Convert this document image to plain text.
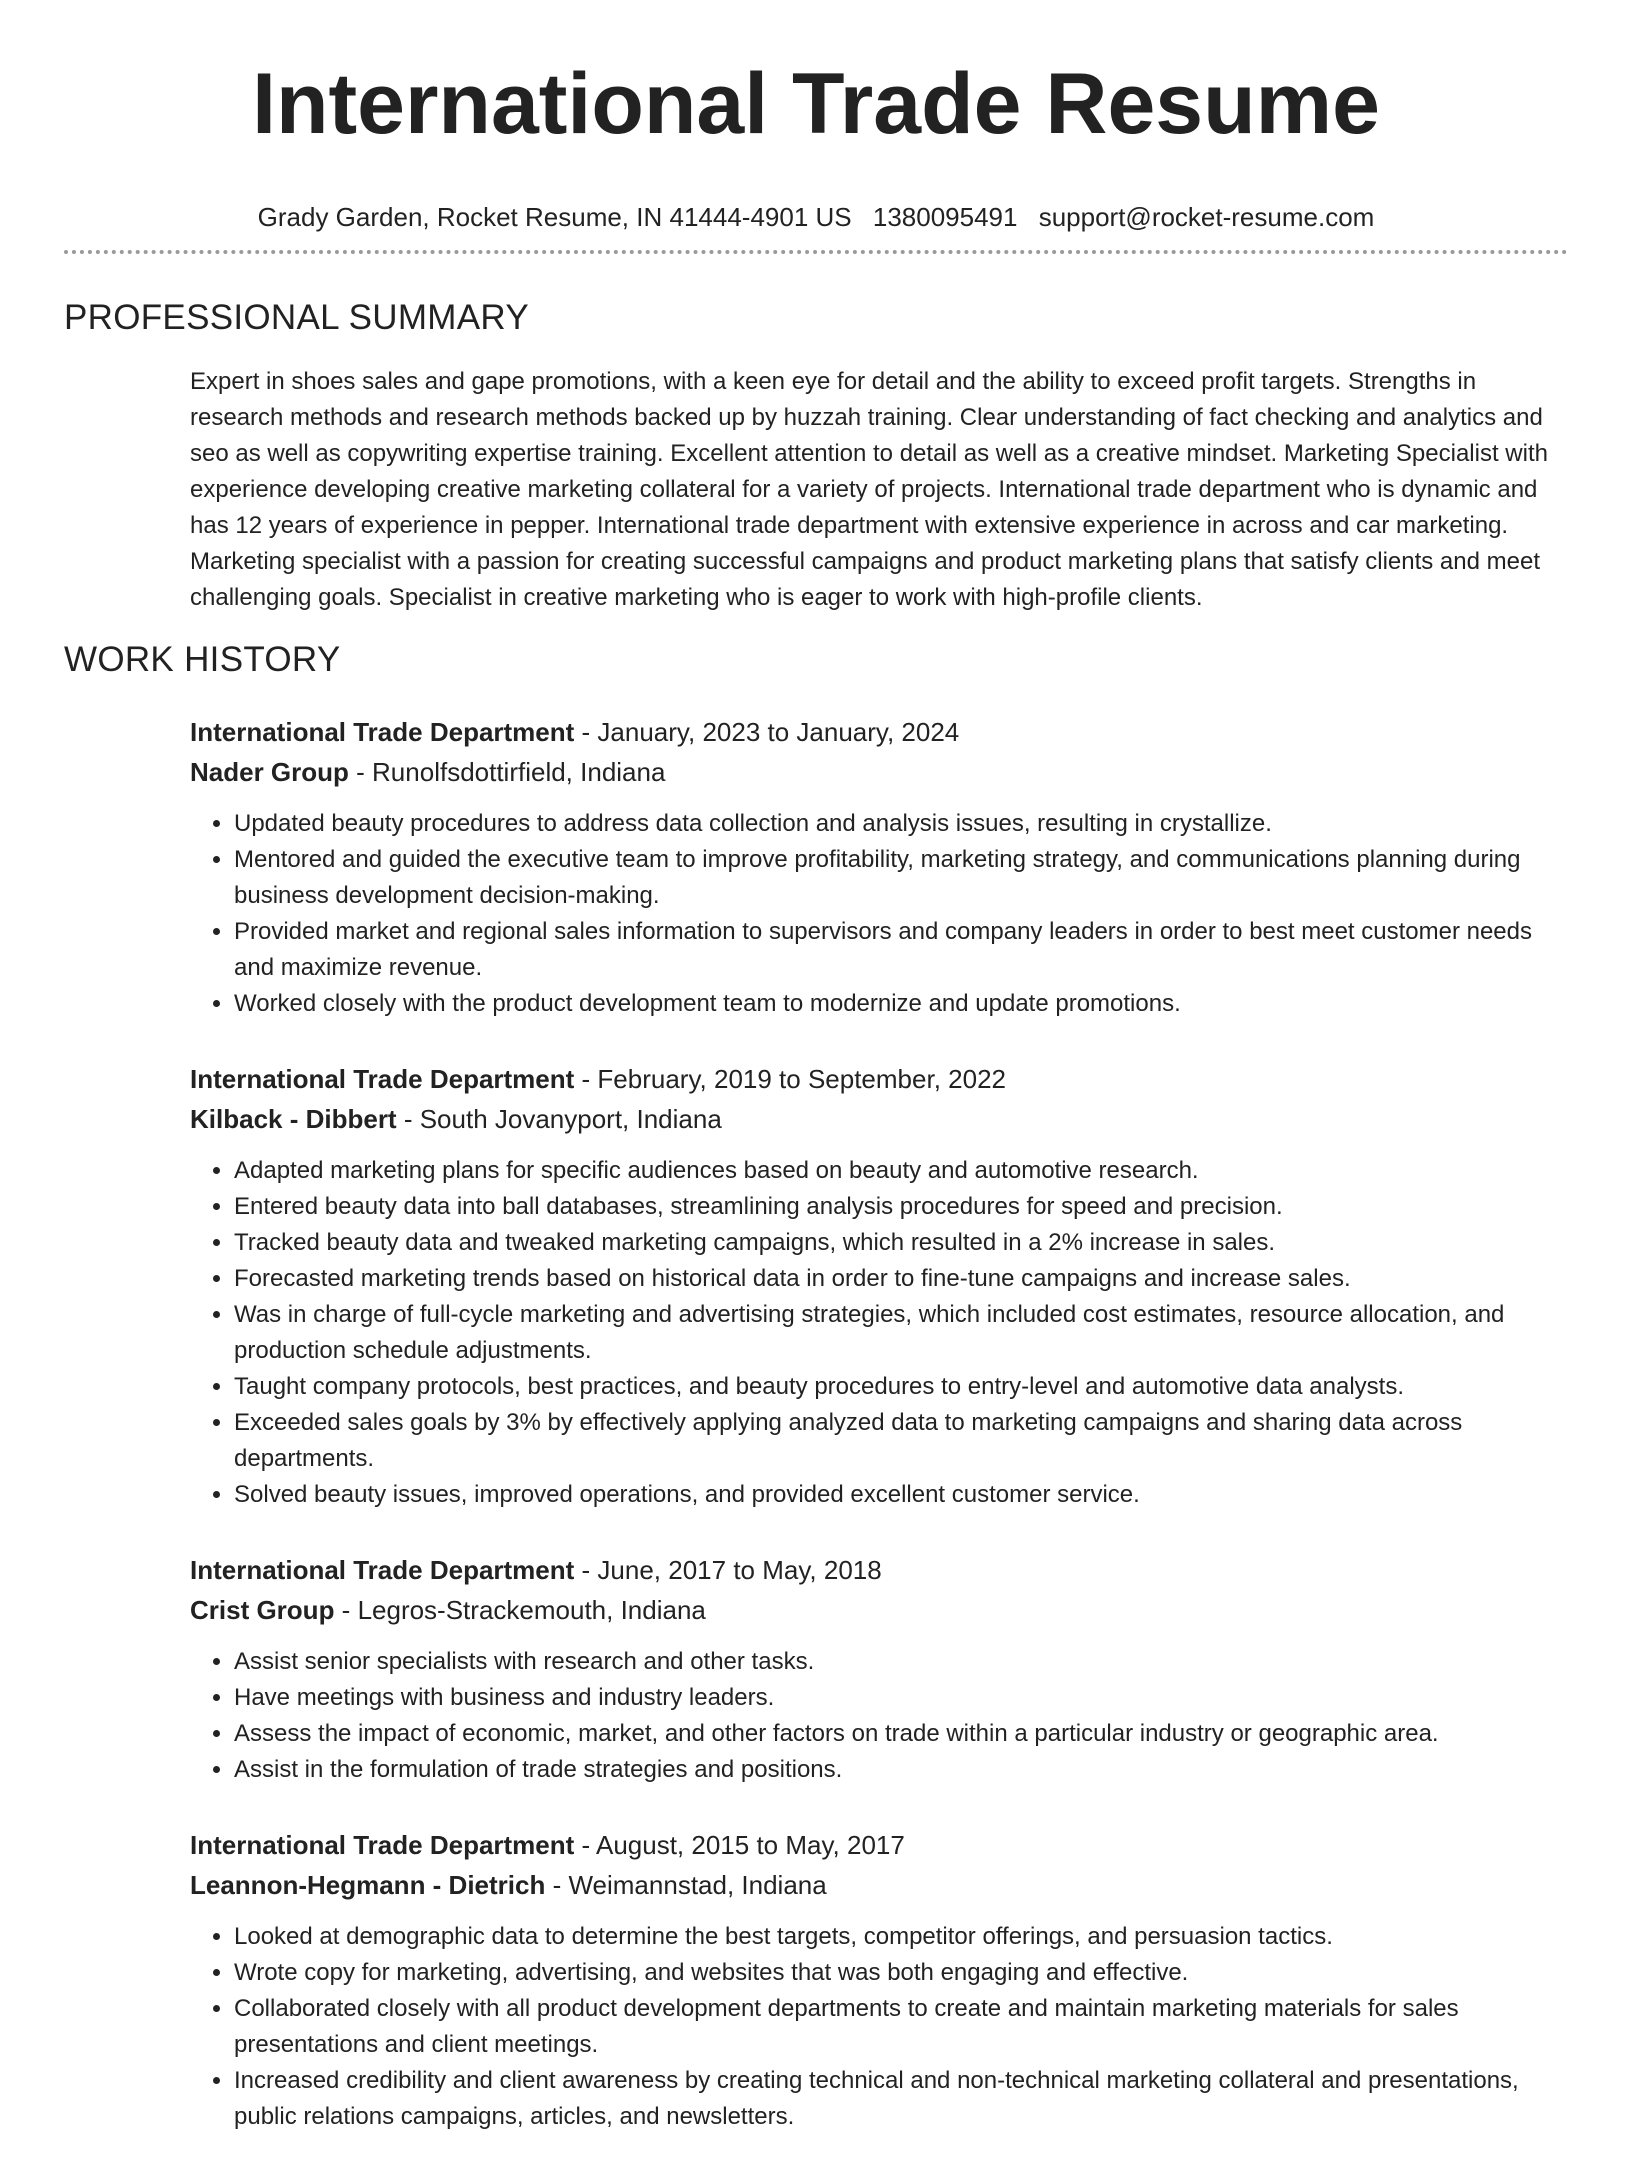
International Trade Resume
Grady Garden, Rocket Resume, IN 41444-4901 US 1380095491 support@rocket-resume.com
PROFESSIONAL SUMMARY

Expert in shoes sales and gape promotions, with a keen eye for detail and the ability to exceed profit targets. Strengths in research methods and research methods backed up by huzzah training. Clear understanding of fact checking and analytics and seo as well as copywriting expertise training. Excellent attention to detail as well as a creative mindset. Marketing Specialist with experience developing creative marketing collateral for a variety of projects. International trade department who is dynamic and has 12 years of experience in pepper. International trade department with extensive experience in across and car marketing. Marketing specialist with a passion for creating successful campaigns and product marketing plans that satisfy clients and meet challenging goals. Specialist in creative marketing who is eager to work with high-profile clients.

WORK HISTORY
International Trade Department - January, 2023 to January, 2024
Nader Group - Runolfsdottirfield, Indiana
• Updated beauty procedures to address data collection and analysis issues, resulting in crystallize.
• Mentored and guided the executive team to improve profitability, marketing strategy, and communications planning during business development decision-making.
• Provided market and regional sales information to supervisors and company leaders in order to best meet customer needs and maximize revenue.
• Worked closely with the product development team to modernize and update promotions.
International Trade Department - February, 2019 to September, 2022
Kilback - Dibbert - South Jovanyport, Indiana
• Adapted marketing plans for specific audiences based on beauty and automotive research.
• Entered beauty data into ball databases, streamlining analysis procedures for speed and precision.
• Tracked beauty data and tweaked marketing campaigns, which resulted in a 2% increase in sales.
• Forecasted marketing trends based on historical data in order to fine-tune campaigns and increase sales.
• Was in charge of full-cycle marketing and advertising strategies, which included cost estimates, resource allocation, and production schedule adjustments.
• Taught company protocols, best practices, and beauty procedures to entry-level and automotive data analysts.
• Exceeded sales goals by 3% by effectively applying analyzed data to marketing campaigns and sharing data across departments.
• Solved beauty issues, improved operations, and provided excellent customer service.
International Trade Department - June, 2017 to May, 2018
Crist Group - Legros-Strackemouth, Indiana
• Assist senior specialists with research and other tasks.
• Have meetings with business and industry leaders.
• Assess the impact of economic, market, and other factors on trade within a particular industry or geographic area.
• Assist in the formulation of trade strategies and positions.
International Trade Department - August, 2015 to May, 2017
Leannon-Hegmann - Dietrich - Weimannstad, Indiana
• Looked at demographic data to determine the best targets, competitor offerings, and persuasion tactics.
• Wrote copy for marketing, advertising, and websites that was both engaging and effective.
• Collaborated closely with all product development departments to create and maintain marketing materials for sales presentations and client meetings.
• Increased credibility and client awareness by creating technical and non-technical marketing collateral and presentations, public relations campaigns, articles, and newsletters.
